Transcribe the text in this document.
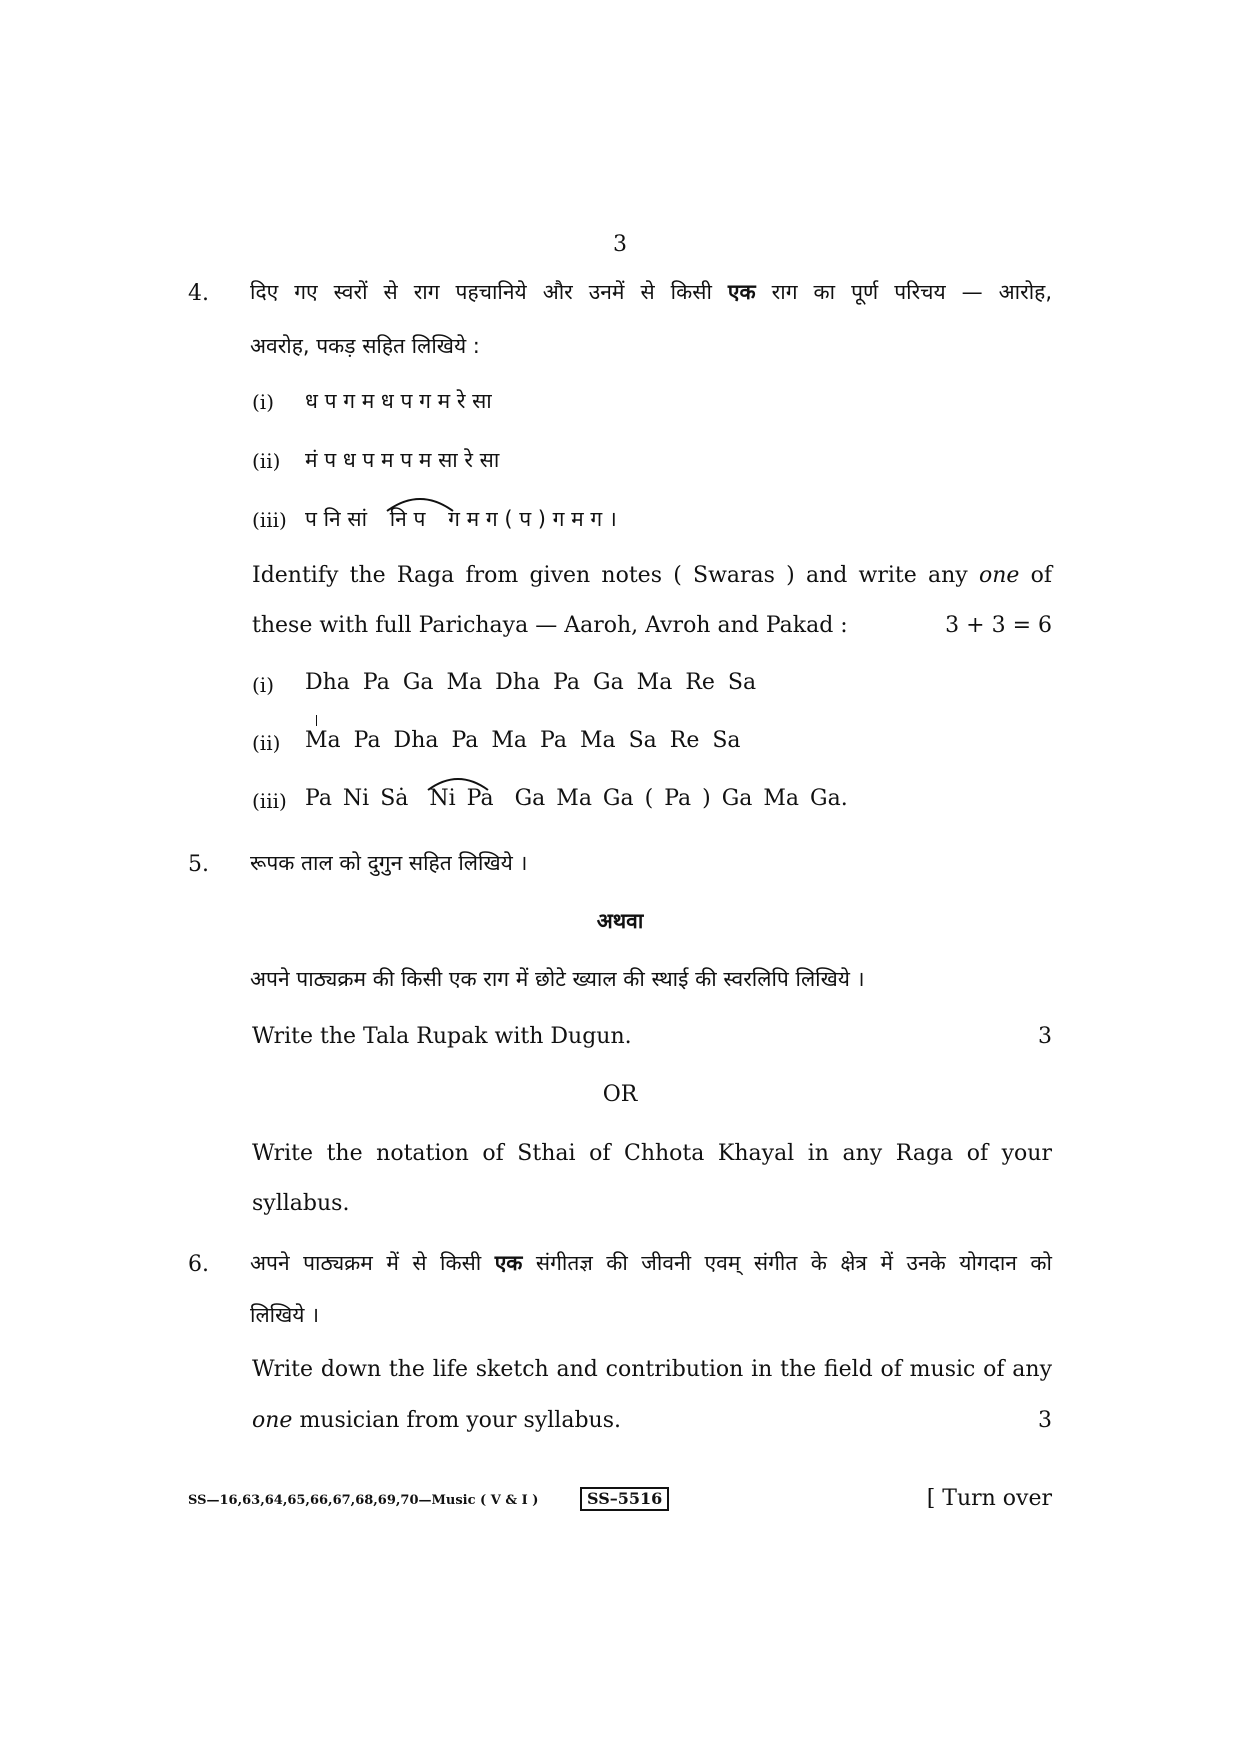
3
4. दिए गए स्वरों से राग पहचानिये और उनमें से किसी एक राग का पूर्ण परिचय — आरोह,
अवरोह, पकड़ सहित लिखिये :
(i)	ध प ग म ध प ग म रे सा
(ii)	मं प ध प म प म सा रे सा
(iii) प नि सां नि प ग म ग ( प ) ग म ग ।
Identify the Raga from given notes ( Swaras ) and write any one of
these with full Parichaya — Aaroh, Avroh and Pakad :	3 + 3 = 6
(i)	Dha Pa Ga Ma Dha Pa Ga Ma Re Sa
(ii)	Ma Pa Dha Pa Ma Pa Ma Sa Re Sa
(iii) Pa Ni Sȧ Ni Pa Ga Ma Ga ( Pa ) Ga Ma Ga.
5. रूपक ताल को दुगुन सहित लिखिये ।
अथवा
अपने पाठ्यक्रम की किसी एक राग में छोटे ख्याल की स्थाई की स्वरलिपि लिखिये ।
Write the Tala Rupak with Dugun.	3
OR
Write the notation of Sthai of Chhota Khayal in any Raga of your
syllabus.
6. अपने पाठ्यक्रम में से किसी एक संगीतज्ञ की जीवनी एवम् संगीत के क्षेत्र में उनके योगदान को
लिखिये ।
Write down the life sketch and contribution in the field of music of any
one musician from your syllabus.	3
SS—16,63,64,65,66,67,68,69,70—Music ( V & I )	SS–5516	[ Turn over
